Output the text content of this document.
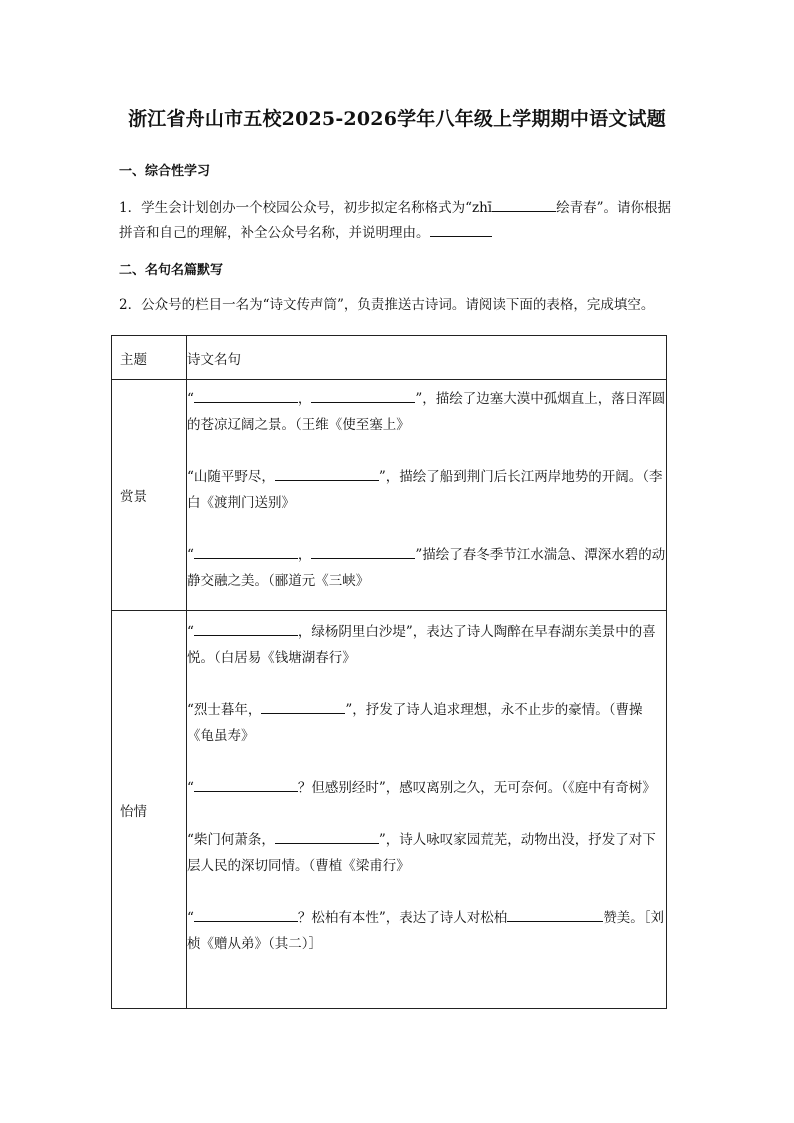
浙江省舟山市五校2025-2026学年八年级上学期期中语文试题
一、综合性学习
1．学生会计划创办一个校园公众号，初步拟定名称格式为“zhī	绘青春”。请你根据拼音和自己的理解，补全公众号名称，并说明理由。
二、名句名篇默写
2．公众号的栏目一名为“诗文传声筒”，负责推送古诗词。请阅读下面的表格，完成填空。
主题	诗文名句
赏景	“ ， ”，描绘了边塞大漠中孤烟直上，落日浑圆的苍凉辽阔之景。（王维《使至塞上》

“山随平野尽， ”，描绘了船到荆门后长江两岸地势的开阔。（李白《渡荆门送别》

“ ， ”描绘了春冬季节江水湍急、潭深水碧的动静交融之美。（郦道元《三峡》

怡情	“ ，绿杨阴里白沙堤”，表达了诗人陶醉在早春湖东美景中的喜悦。（白居易《钱塘湖春行》

“烈士暮年， ”，抒发了诗人追求理想，永不止步的豪情。（曹操《龟虽寿》

“ ？但感别经时”，感叹离别之久，无可奈何。（《庭中有奇树》

“柴门何萧条， ”，诗人咏叹家园荒芜，动物出没，抒发了对下层人民的深切同情。（曹植《梁甫行》

“ ？松柏有本性”，表达了诗人对松柏 赞美。［刘桢《赠从弟》（其二）］
